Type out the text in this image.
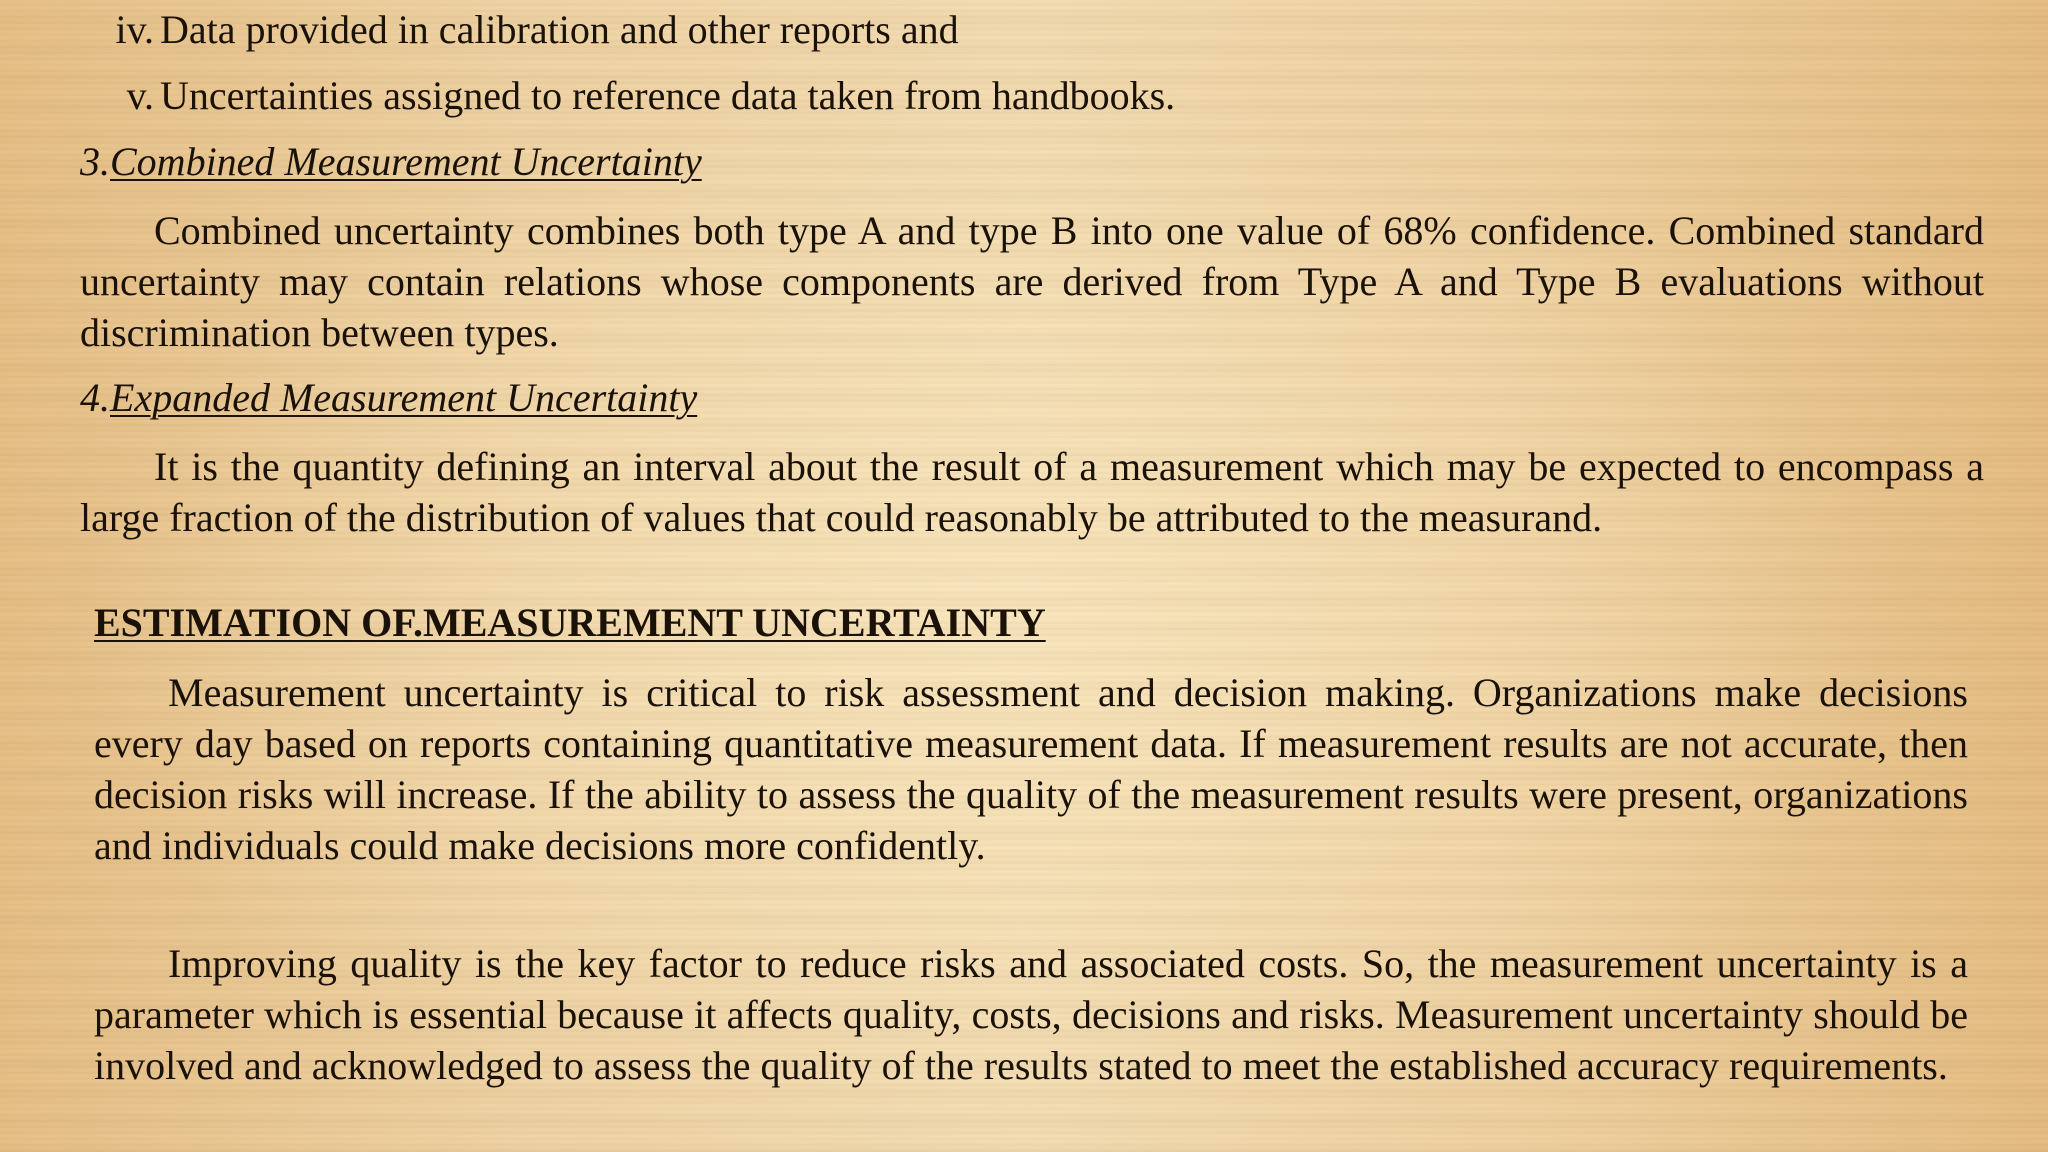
iv. Data provided in calibration and other reports and
v. Uncertainties assigned to reference data taken from handbooks.
3.Combined Measurement Uncertainty

Combined uncertainty combines both type A and type B into one value of 68% confidence. Combined standard uncertainty may contain relations whose components are derived from Type A and Type B evaluations without discrimination between types.

4.Expanded Measurement Uncertainty

It is the quantity defining an interval about the result of a measurement which may be expected to encompass a large fraction of the distribution of values that could reasonably be attributed to the measurand.

ESTIMATION OF.MEASUREMENT UNCERTAINTY

Measurement uncertainty is critical to risk assessment and decision making. Organizations make decisions every day based on reports containing quantitative measurement data. If measurement results are not accurate, then decision risks will increase. If the ability to assess the quality of the measurement results were present, organizations and individuals could make decisions more confidently.

Improving quality is the key factor to reduce risks and associated costs. So, the measurement uncertainty is a parameter which is essential because it affects quality, costs, decisions and risks. Measurement uncertainty should be involved and acknowledged to assess the quality of the results stated to meet the established accuracy requirements.
